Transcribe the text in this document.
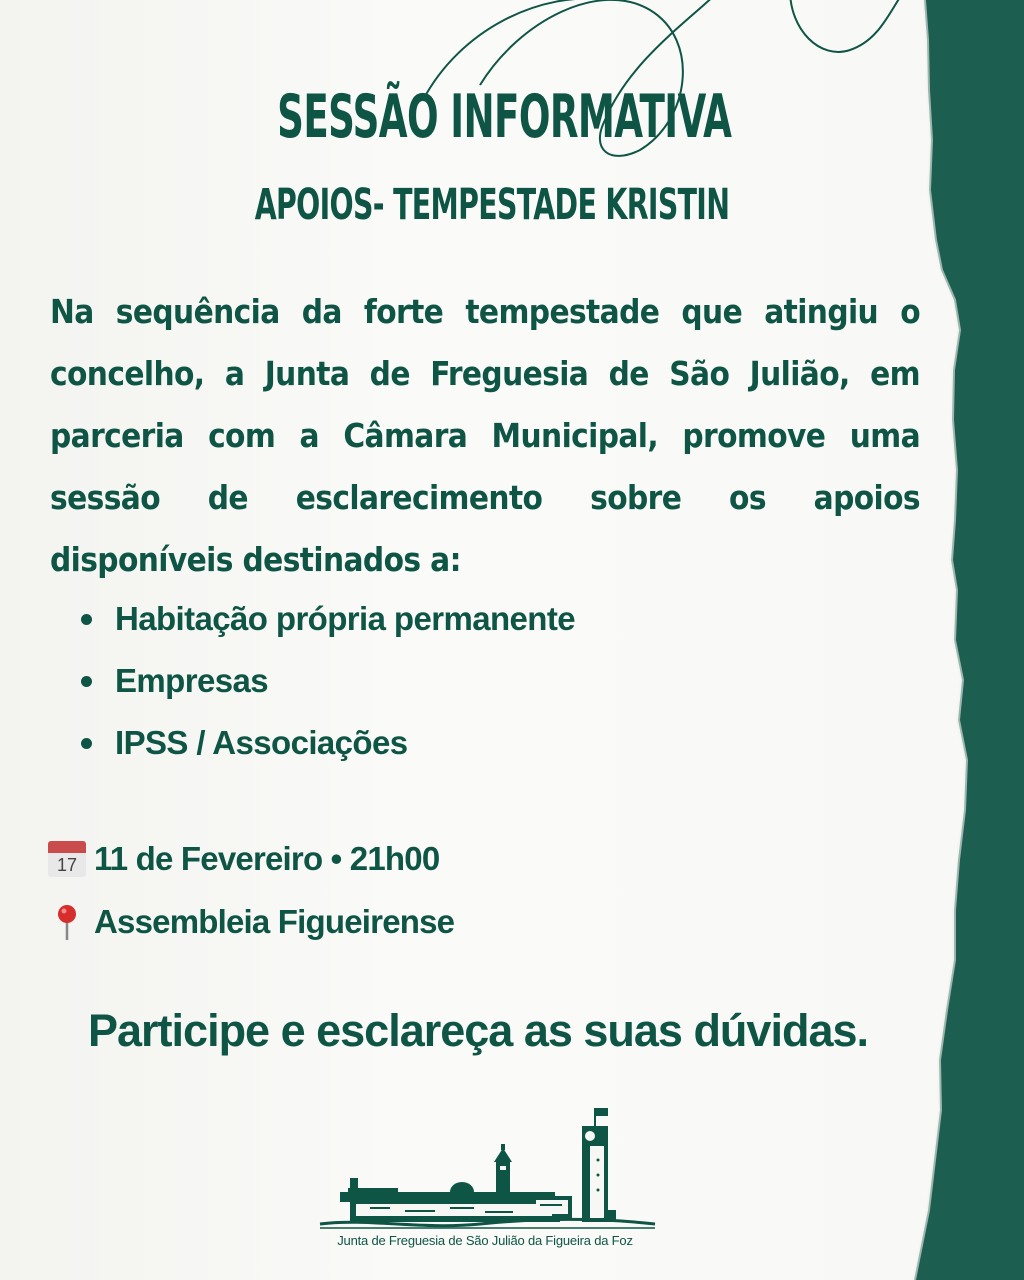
SESSÃO INFORMATIVA
APOIOS- TEMPESTADE KRISTIN
Na sequência da forte tempestade que atingiu o concelho, a Junta de Freguesia de São Julião, em parceria com a Câmara Municipal, promove uma sessão de esclarecimento sobre os apoios disponíveis destinados a:
Habitação própria permanente
Empresas
IPSS / Associações
17 11 de Fevereiro • 21h00
Assembleia Figueirense
Participe e esclareça as suas dúvidas.
Junta de Freguesia de São Julião da Figueira da Foz
